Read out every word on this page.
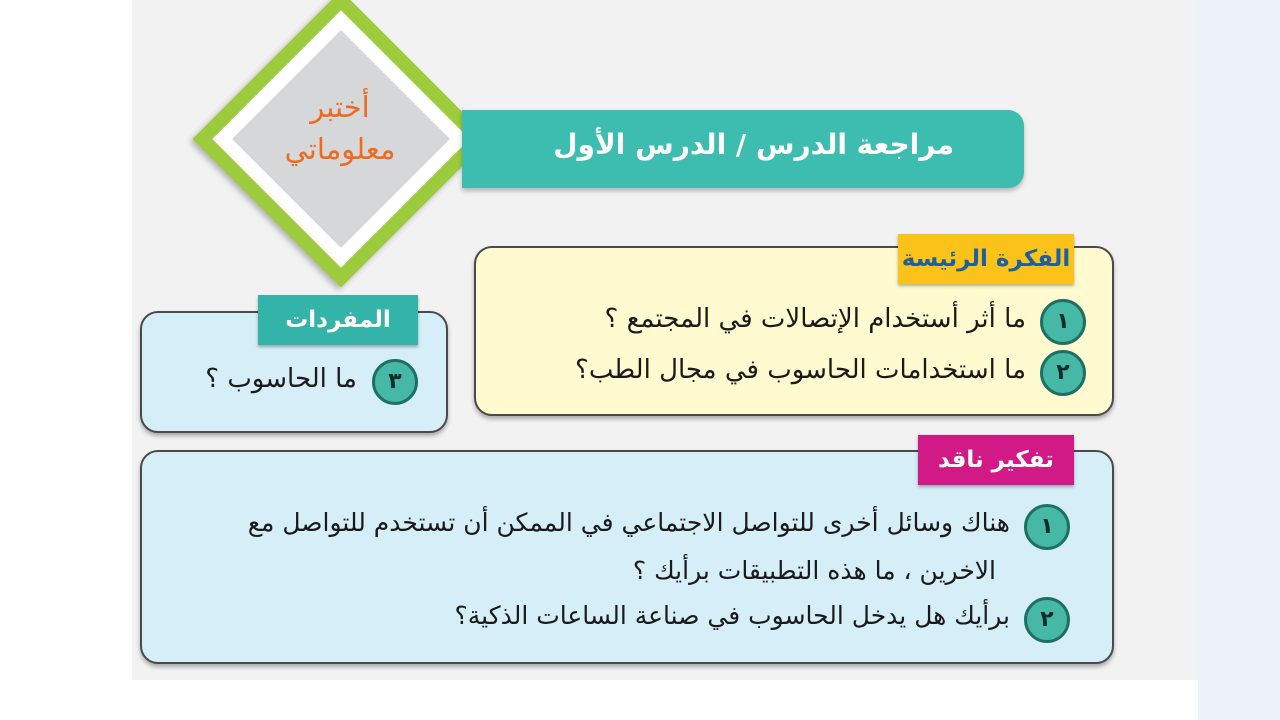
أختبر
معلوماتي	مراجعة الدرس / الدرس الأول
الفكرة الرئيسة
١
ما أثر أستخدام الإتصالات في المجتمع ؟
٢
ما استخدامات الحاسوب في مجال الطب؟
المفردات
٣
ما الحاسوب ؟
تفكير ناقد
١
هناك وسائل أخرى للتواصل الاجتماعي في الممكن أن تستخدم للتواصل مع
الاخرين ، ما هذه التطبيقات برأيك ؟
٢
برأيك هل يدخل الحاسوب في صناعة الساعات الذكية؟
